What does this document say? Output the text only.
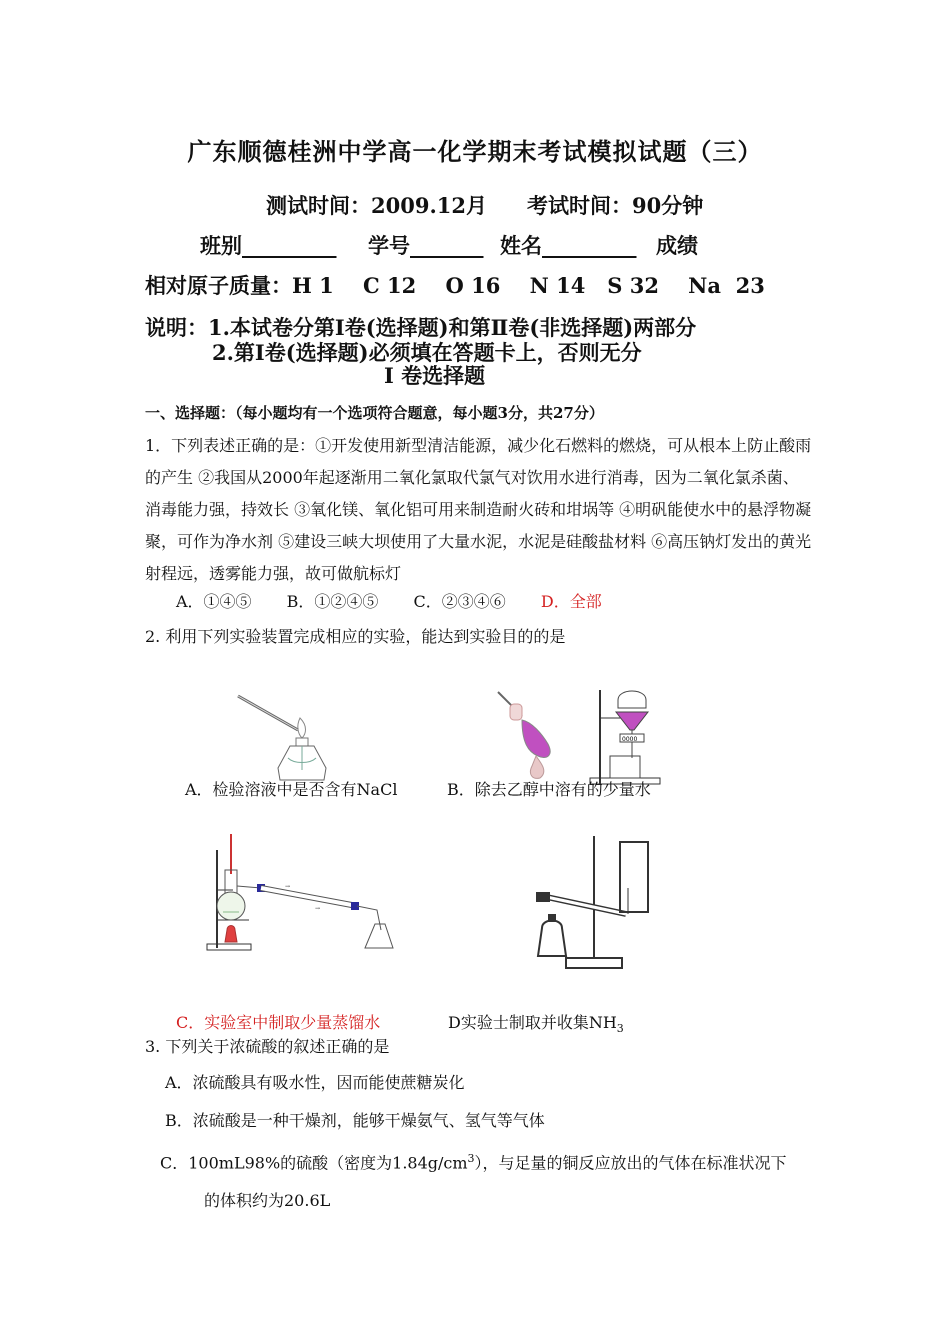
广东顺德桂洲中学高一化学期末考试模拟试题（三）
测试时间：2009.12月 考试时间：90分钟
班别_________ 学号_______ 姓名_________ 成绩
相对原子质量：H 1    C 12    O 16    N 14   S 32    Na  23
说明：1.本试卷分第Ⅰ卷(选择题)和第Ⅱ卷(非选择题)两部分
2.第Ⅰ卷(选择题)必须填在答题卡上，否则无分
Ⅰ 卷选择题
一、选择题：（每小题均有一个选项符合题意，每小题3分，共27分）
1．下列表述正确的是：①开发使用新型清洁能源，减少化石燃料的燃烧，可从根本上防止酸雨的产生 ②我国从2000年起逐渐用二氧化氯取代氯气对饮用水进行消毒，因为二氧化氯杀菌、消毒能力强，持效长 ③氧化镁、氧化铝可用来制造耐火砖和坩埚等 ④明矾能使水中的悬浮物凝聚，可作为净水剂 ⑤建设三峡大坝使用了大量水泥，水泥是硅酸盐材料 ⑥高压钠灯发出的黄光射程远，透雾能力强，故可做航标灯
A．①④⑤ B．①②④⑤ C．②③④⑥ D．全部
2. 利用下列实验装置完成相应的实验，能达到实验目的的是
0000
A．检验溶液中是否含有NaCl	B．除去乙醇中溶有的少量水
→
→
C．实验室中制取少量蒸馏水	D实验士制取并收集$NH_3$
3. 下列关于浓硫酸的叙述正确的是
A．浓硫酸具有吸水性，因而能使蔗糖炭化
B．浓硫酸是一种干燥剂，能够干燥氨气、氢气等气体
C．100mL98%的硫酸（密度为$1.84g/cm^3$），与足量的铜反应放出的气体在标准状况下
的体积约为20.6L
